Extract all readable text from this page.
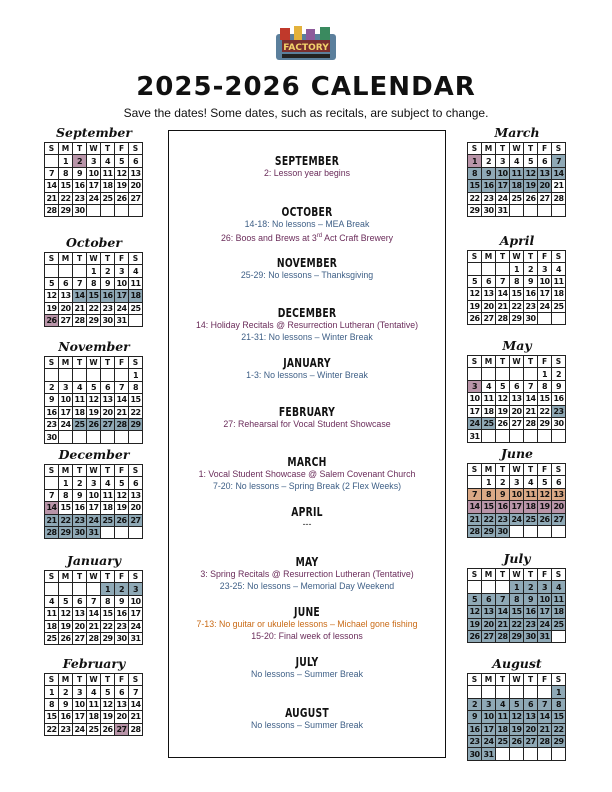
FACTORY
2025-2026 CALENDAR
Save the dates! Some dates, such as recitals, are subject to change.
September
S	M	T	W	T	F	S
	1	2	3	4	5	6
7	8	9	10	11	12	13
14	15	16	17	18	19	20
21	22	23	24	25	26	27
28	29	30				
October
S	M	T	W	T	F	S
			1	2	3	4
5	6	7	8	9	10	11
12	13	14	15	16	17	18
19	20	21	22	23	24	25
26	27	28	29	30	31	
November
S	M	T	W	T	F	S
						1
2	3	4	5	6	7	8
9	10	11	12	13	14	15
16	17	18	19	20	21	22
23	24	25	26	27	28	29
30						
December
S	M	T	W	T	F	S
	1	2	3	4	5	6
7	8	9	10	11	12	13
14	15	16	17	18	19	20
21	22	23	24	25	26	27
28	29	30	31			
January
S	M	T	W	T	F	S
				1	2	3
4	5	6	7	8	9	10
11	12	13	14	15	16	17
18	19	20	21	22	23	24
25	26	27	28	29	30	31
February
S	M	T	W	T	F	S
1	2	3	4	5	6	7
8	9	10	11	12	13	14
15	16	17	18	19	20	21
22	23	24	25	26	27	28
March
S	M	T	W	T	F	S
1	2	3	4	5	6	7
8	9	10	11	12	13	14
15	16	17	18	19	20	21
22	23	24	25	26	27	28
29	30	31				
April
S	M	T	W	T	F	S
			1	2	3	4
5	6	7	8	9	10	11
12	13	14	15	16	17	18
19	20	21	22	23	24	25
26	27	28	29	30		
May
S	M	T	W	T	F	S
					1	2
3	4	5	6	7	8	9
10	11	12	13	14	15	16
17	18	19	20	21	22	23
24	25	26	27	28	29	30
31						
June
S	M	T	W	T	F	S
	1	2	3	4	5	6
7	8	9	10	11	12	13
14	15	16	17	18	19	20
21	22	23	24	25	26	27
28	29	30				
July
S	M	T	W	T	F	S
			1	2	3	4
5	6	7	8	9	10	11
12	13	14	15	16	17	18
19	20	21	22	23	24	25
26	27	28	29	30	31	
August
S	M	T	W	T	F	S
						1
2	3	4	5	6	7	8
9	10	11	12	13	14	15
16	17	18	19	20	21	22
23	24	25	26	27	28	29
30	31					
SEPTEMBER
2: Lesson year begins
OCTOBER
14-18: No lessons – MEA Break
26: Boos and Brews at 3rd Act Craft Brewery
NOVEMBER
25-29: No lessons – Thanksgiving
DECEMBER
14: Holiday Recitals @ Resurrection Lutheran (Tentative)
21-31: No lessons – Winter Break
JANUARY
1-3: No lessons – Winter Break
FEBRUARY
27: Rehearsal for Vocal Student Showcase
MARCH
1: Vocal Student Showcase @ Salem Covenant Church
7-20: No lessons – Spring Break (2 Flex Weeks)
APRIL
---
MAY
3: Spring Recitals @ Resurrection Lutheran (Tentative)
23-25: No lessons – Memorial Day Weekend
JUNE
7-13: No guitar or ukulele lessons – Michael gone fishing
15-20: Final week of lessons
JULY
No lessons – Summer Break
AUGUST
No lessons – Summer Break
